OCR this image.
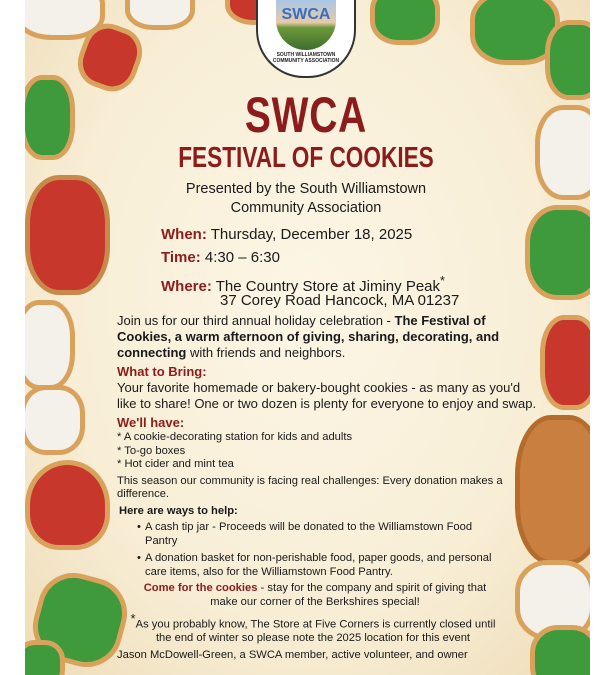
SWCA
SOUTH WILLIAMSTOWN COMMUNITY ASSOCIATION
SWCA
FESTIVAL OF COOKIES
Presented by the South Williamstown
Community Association
When: Thursday, December 18, 2025
Time: 4:30 – 6:30
Where: The Country Store at Jiminy Peak*
37 Corey Road Hancock, MA 01237
Join us for our third annual holiday celebration - The Festival of Cookies, a warm afternoon of giving, sharing, decorating, and connecting with friends and neighbors.
What to Bring:
Your favorite homemade or bakery-bought cookies - as many as you'd like to share! One or two dozen is plenty for everyone to enjoy and swap.
We'll have:
* A cookie-decorating station for kids and adults
* To-go boxes
* Hot cider and mint tea
This season our community is facing real challenges: Every donation makes a difference.
Here are ways to help:
• A cash tip jar - Proceeds will be donated to the Williamstown Food Pantry
• A donation basket for non-perishable food, paper goods, and personal care items, also for the Williamstown Food Pantry.
Come for the cookies - stay for the company and spirit of giving that make our corner of the Berkshires special!
*As you probably know, The Store at Five Corners is currently closed until the end of winter so please note the 2025 location for this event
Jason McDowell-Green, a SWCA member, active volunteer, and owner
